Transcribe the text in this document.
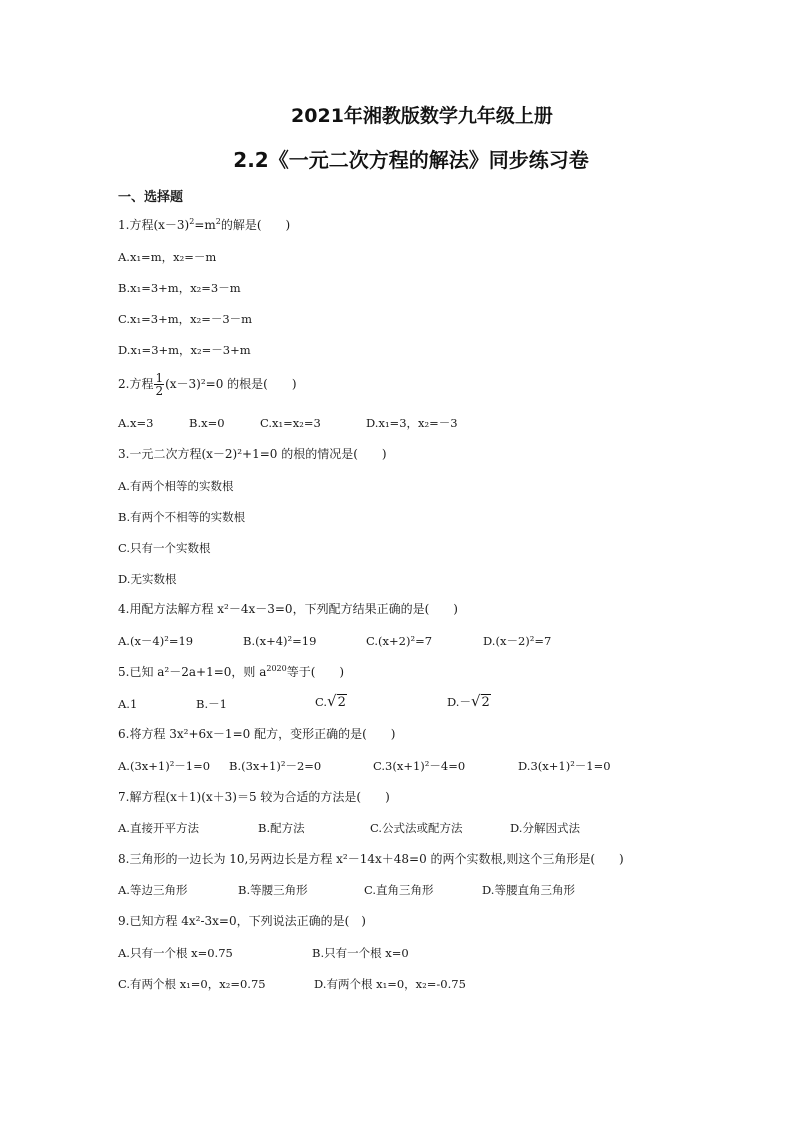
2021年湘教版数学九年级上册
2.2《一元二次方程的解法》同步练习卷
一、选择题
1.方程$(x-3)^2=m^2$的解是(　　)
A.x₁=m，x₂=－m
B.x₁=3+m，x₂=3－m
C.x₁=3+m，x₂=－3－m
D.x₁=3+m，x₂=－3+m
2.方程 $\frac{1}{2} (x-3)^2=0$ 的根是(　　)
A.x=3	B.x=0	C.x₁=x₂=3	D.x₁=3，x₂=－3
3.一元二次方程(x－2)²+1=0 的根的情况是(　　)
A.有两个相等的实数根
B.有两个不相等的实数根
C.只有一个实数根
D.无实数根
4.用配方法解方程 x²－4x－3=0，下列配方结果正确的是(　　)
A.(x－4)²=19	B.(x+4)²=19	C.(x+2)²=7	D.(x－2)²=7
5.已知 a²－2a+1=0，则 $a^{2020}$等于(　　)
A.1	B.－1	C.√2	D.－√2
6.将方程 3x²+6x－1=0 配方，变形正确的是(　　)
A.(3x+1)²－1=0 B.(3x+1)²－2=0	C.3(x+1)²－4=0	D.3(x+1)²－1=0
7.解方程(x＋1)(x＋3)＝5 较为合适的方法是(　　)
A.直接开平方法	B.配方法	C.公式法或配方法	D.分解因式法
8.三角形的一边长为 10,另两边长是方程 x²－14x＋48=0 的两个实数根,则这个三角形是(　　)
A.等边三角形	B.等腰三角形	C.直角三角形	D.等腰直角三角形
9.已知方程 4x²-3x=0，下列说法正确的是(　)
A.只有一个根 x=0.75	B.只有一个根 x=0
C.有两个根 x₁=0，x₂=0.75	D.有两个根 x₁=0，x₂=-0.75
